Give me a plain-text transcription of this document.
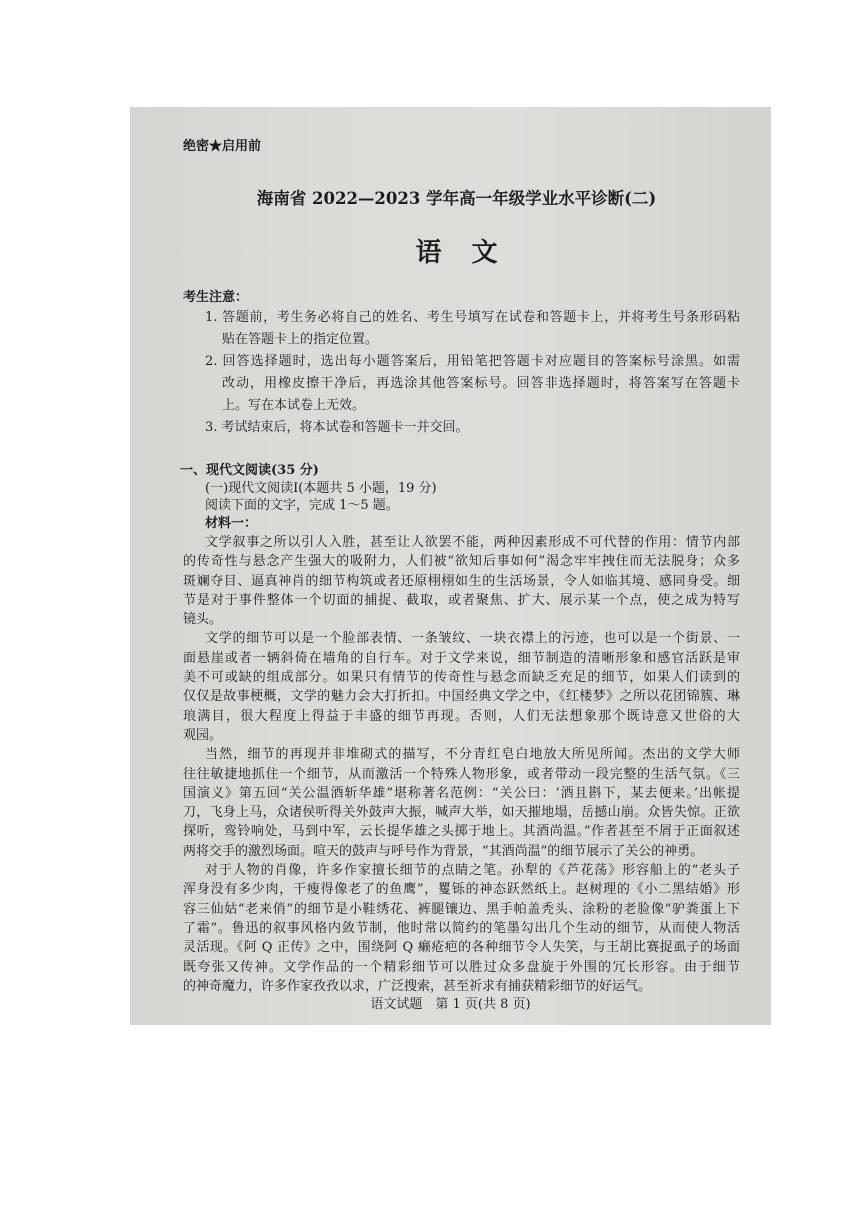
绝密★启用前
海南省 2022—2023 学年高一年级学业水平诊断(二)
语文
考生注意：
1. 答题前，考生务必将自己的姓名、考生号填写在试卷和答题卡上，并将考生号条形码粘
贴在答题卡上的指定位置。
2. 回答选择题时，选出每小题答案后，用铅笔把答题卡对应题目的答案标号涂黑。如需
改动，用橡皮擦干净后，再选涂其他答案标号。回答非选择题时，将答案写在答题卡
上。写在本试卷上无效。
3. 考试结束后，将本试卷和答题卡一并交回。
一、现代文阅读(35 分)
(一)现代文阅读Ⅰ(本题共 5 小题，19 分)
阅读下面的文字，完成 1～5 题。
材料一：
文学叙事之所以引人入胜，甚至让人欲罢不能，两种因素形成不可代替的作用：情节内部
的传奇性与悬念产生强大的吸附力，人们被“欲知后事如何”渴念牢牢拽住而无法脱身；众多
斑斓夺目、逼真神肖的细节构筑或者还原栩栩如生的生活场景，令人如临其境、感同身受。细
节是对于事件整体一个切面的捕捉、截取，或者聚焦、扩大、展示某一个点，使之成为特写
镜头。
文学的细节可以是一个脸部表情、一条皱纹、一块衣襟上的污迹，也可以是一个街景、一
面悬崖或者一辆斜倚在墙角的自行车。对于文学来说，细节制造的清晰形象和感官活跃是审
美不可或缺的组成部分。如果只有情节的传奇性与悬念而缺乏充足的细节，如果人们读到的
仅仅是故事梗概，文学的魅力会大打折扣。中国经典文学之中，《红楼梦》之所以花团锦簇、琳
琅满目，很大程度上得益于丰盛的细节再现。否则，人们无法想象那个既诗意又世俗的大
观园。
当然，细节的再现并非堆砌式的描写，不分青红皂白地放大所见所闻。杰出的文学大师
往往敏捷地抓住一个细节，从而激活一个特殊人物形象，或者带动一段完整的生活气氛。《三
国演义》第五回“关公温酒斩华雄”堪称著名范例：“关公曰：‘酒且斟下，某去便来。’出帐提
刀，飞身上马，众诸侯听得关外鼓声大振，喊声大举，如天摧地塌，岳撼山崩。众皆失惊。正欲
探听，鸾铃响处，马到中军，云长提华雄之头掷于地上。其酒尚温。”作者甚至不屑于正面叙述
两将交手的激烈场面。喧天的鼓声与呼号作为背景，“其酒尚温”的细节展示了关公的神勇。
对于人物的肖像，许多作家擅长细节的点睛之笔。孙犁的《芦花荡》形容船上的“老头子
浑身没有多少肉，干瘦得像老了的鱼鹰”，矍铄的神态跃然纸上。赵树理的《小二黑结婚》形
容三仙姑“老来俏”的细节是小鞋绣花、裤腿镶边、黑手帕盖秃头、涂粉的老脸像“驴粪蛋上下
了霜”。鲁迅的叙事风格内敛节制，他时常以简约的笔墨勾出几个生动的细节，从而使人物活
灵活现。《阿 Q 正传》之中，围绕阿 Q 癞疮疤的各种细节令人失笑，与王胡比赛捉虱子的场面
既夸张又传神。文学作品的一个精彩细节可以胜过众多盘旋于外围的冗长形容。由于细节
的神奇魔力，许多作家孜孜以求，广泛搜索，甚至祈求有捕获精彩细节的好运气。
语文试题　第 1 页(共 8 页)
